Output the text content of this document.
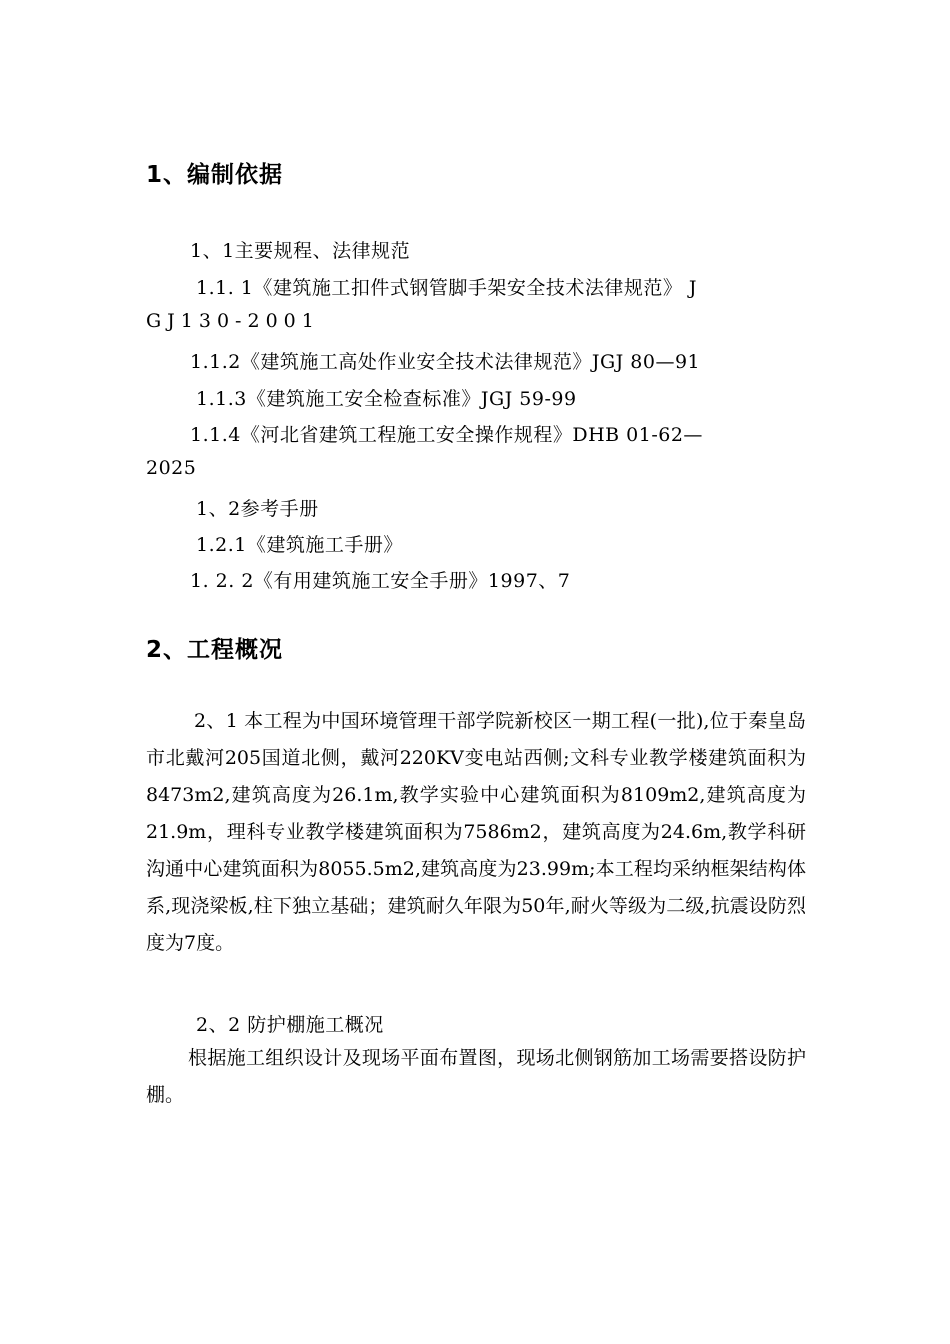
1、编制依据
1、1主要规程、法律规范
1.1. 1《建筑施工扣件式钢管脚手架安全技术法律规范》 J
GJ130-2001
1.1.2《建筑施工高处作业安全技术法律规范》JGJ 80—91
1.1.3《建筑施工安全检查标准》JGJ 59-99
1.1.4《河北省建筑工程施工安全操作规程》DHB 01-62—
2025
1、2参考手册
1.2.1《建筑施工手册》
1. 2. 2《有用建筑施工安全手册》1997、7
2、工程概况
2、1 本工程为中国环境管理干部学院新校区一期工程(一批),位于秦皇岛市北戴河205国道北侧，戴河220KV变电站西侧;文科专业教学楼建筑面积为8473m2,建筑高度为26.1m,教学实验中心建筑面积为8109m2,建筑高度为21.9m，理科专业教学楼建筑面积为7586m2，建筑高度为24.6m,教学科研沟通中心建筑面积为8055.5m2,建筑高度为23.99m;本工程均采纳框架结构体系,现浇梁板,柱下独立基础；建筑耐久年限为50年,耐火等级为二级,抗震设防烈度为7度。
2、2 防护棚施工概况
根据施工组织设计及现场平面布置图，现场北侧钢筋加工场需要搭设防护棚。
